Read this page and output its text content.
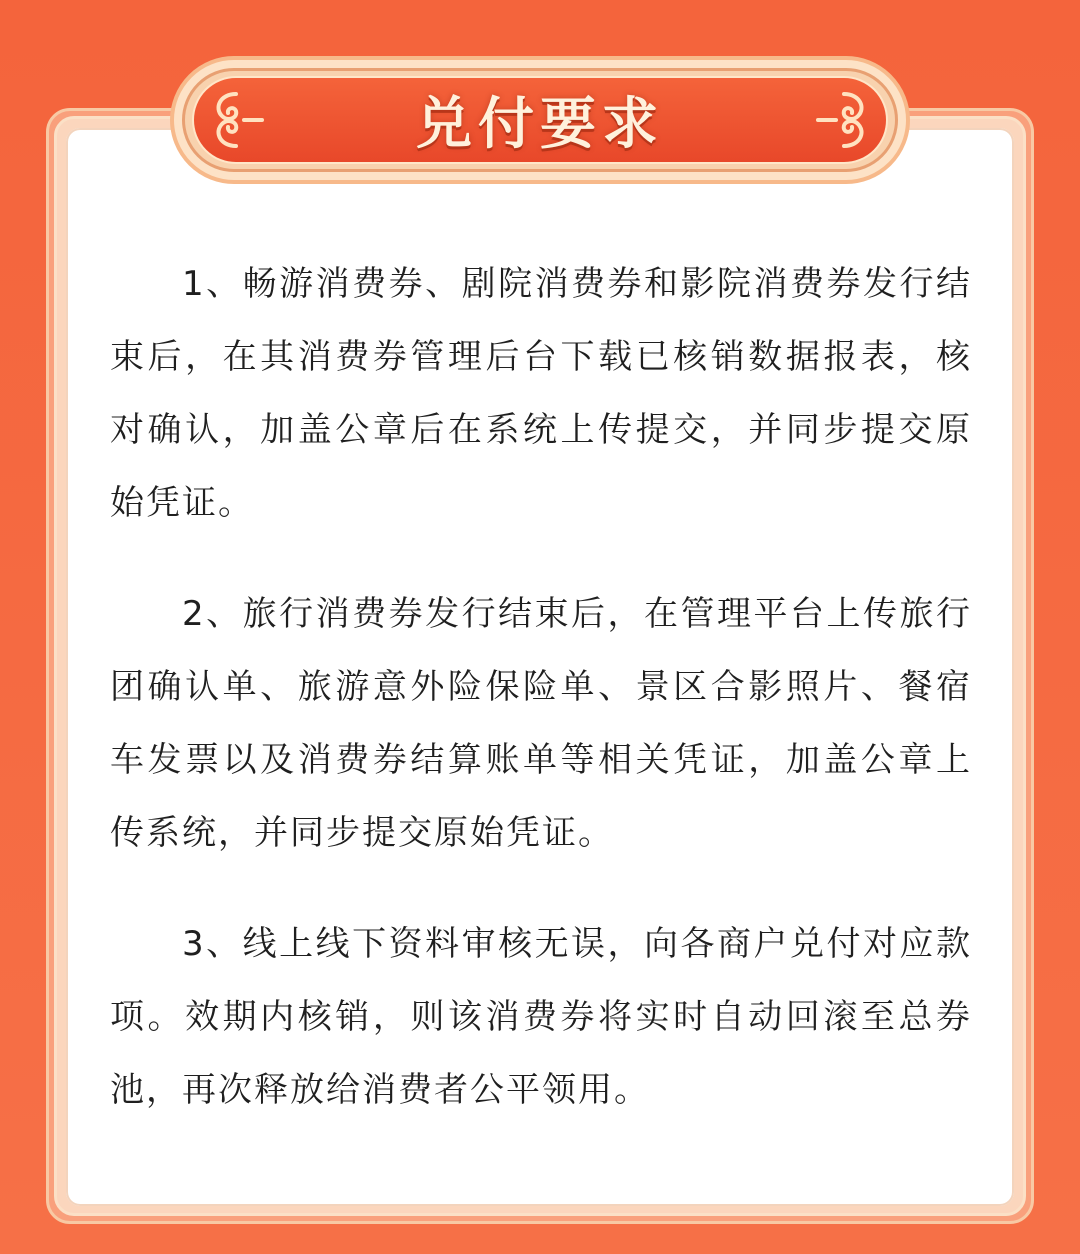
兑付要求

1、畅游消费券、剧院消费券和影院消费券发行结束后，在其消费券管理后台下载已核销数据报表，核对确认，加盖公章后在系统上传提交，并同步提交原始凭证。

2、旅行消费券发行结束后，在管理平台上传旅行团确认单、旅游意外险保险单、景区合影照片、餐宿车发票以及消费券结算账单等相关凭证，加盖公章上传系统，并同步提交原始凭证。

3、线上线下资料审核无误，向各商户兑付对应款项。效期内核销，则该消费券将实时自动回滚至总券池，再次释放给消费者公平领用。
